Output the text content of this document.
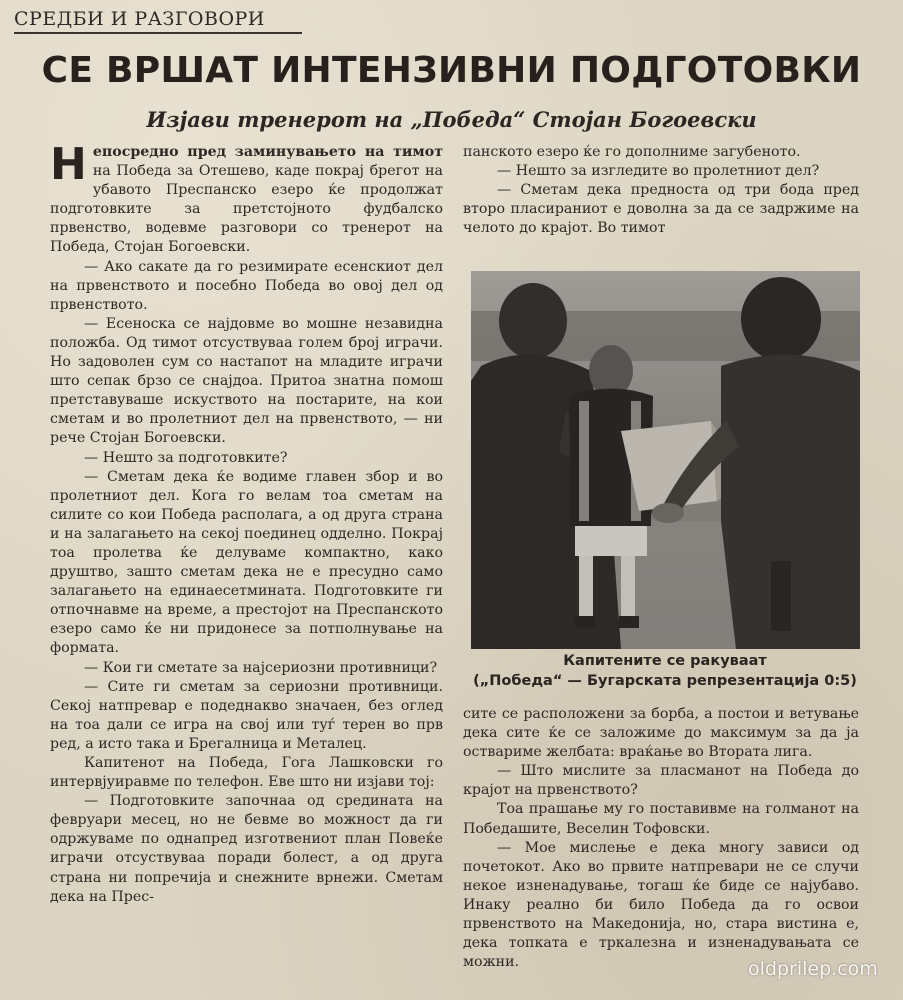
СРЕДБИ И РАЗГОВОРИ
СЕ ВРШАТ ИНТЕНЗИВНИ ПОДГОТОВКИ
Изјави тренерот на „Победа“ Стојан Богоевски

Непосредно пред заминувањето на тимот на Победа за Отешево, каде покрај брегот на убавото Преспанско езеро ќе продолжат подготовките за претстојното фудбалско првенство, водевме разговори со тренерот на Победа, Стојан Богоевски.

— Ако сакате да го резимирате есенскиот дел на првенството и посебно Победа во овој дел од првенството.

— Есеноска се најдовме во мошне незавидна положба. Од тимот отсуствуваа голем број играчи. Но задоволен сум со настапот на младите играчи што сепак брзо се снајдоа. Притоа знатна помош претставуваше искуството на постарите, на кои сметам и во пролетниот дел на првенството, — ни рече Стојан Богоевски.

— Нешто за подготовките?

— Сметам дека ќе водиме главен збор и во пролетниот дел. Кога го велам тоа сметам на силите со кои Победа располага, а од друга страна и на залагањето на секој поединец одделно. Покрај тоа пролетва ќе делуваме компактно, како друштво, зашто сметам дека не е пресудно само залагањето на единаесетмината. Подготовките ги отпочнавме на време, а престојот на Преспанското езеро само ќе ни придонесе за потполнување на формата.

— Кои ги сметате за најсериозни противници?

— Сите ги сметам за сериозни противници. Секој натпревар е подеднакво значаен, без оглед на тоа дали се игра на свој или туѓ терен во прв ред, а исто така и Брегалница и Металец.

Капитенот на Победа, Гога Лашковски го интервјуиравме по телефон. Еве што ни изјави тој:

— Подготовките започнаа од средината на февруари месец, но не бевме во можност да ги одржуваме по однапред изготвениот план Повеќе играчи отсуствуваа поради болест, а од друга страна ни попречија и снежните врнежи. Сметам дека на Прес-

панското езеро ќе го дополниме загубеното.

— Нешто за изгледите во пролетниот дел?

— Сметам дека предноста од три бода пред второ пласираниот е доволна за да се задржиме на челото до крајот. Во тимот

Капитените се ракуваат
(„Победа“ — Бугарската репрезентација 0:5)

сите се расположени за борба, а постои и ветување дека сите ќе се заложиме до максимум за да ја оствариме желбата: враќање во Втората лига.

— Што мислите за пласманот на Победа до крајот на првенството?

Тоа прашање му го поставивме на голманот на Победашите, Веселин Тофовски.

— Мое мислење е дека многу зависи од почетокот. Ако во првите натпревари не се случи некое изненадување, тогаш ќе биде се најубаво. Инаку реално би било Победа да го освои првенството на Македонија, но, стара вистина е, дека топката е тркалезна и изненадувањата се можни.	oldprilep.com
